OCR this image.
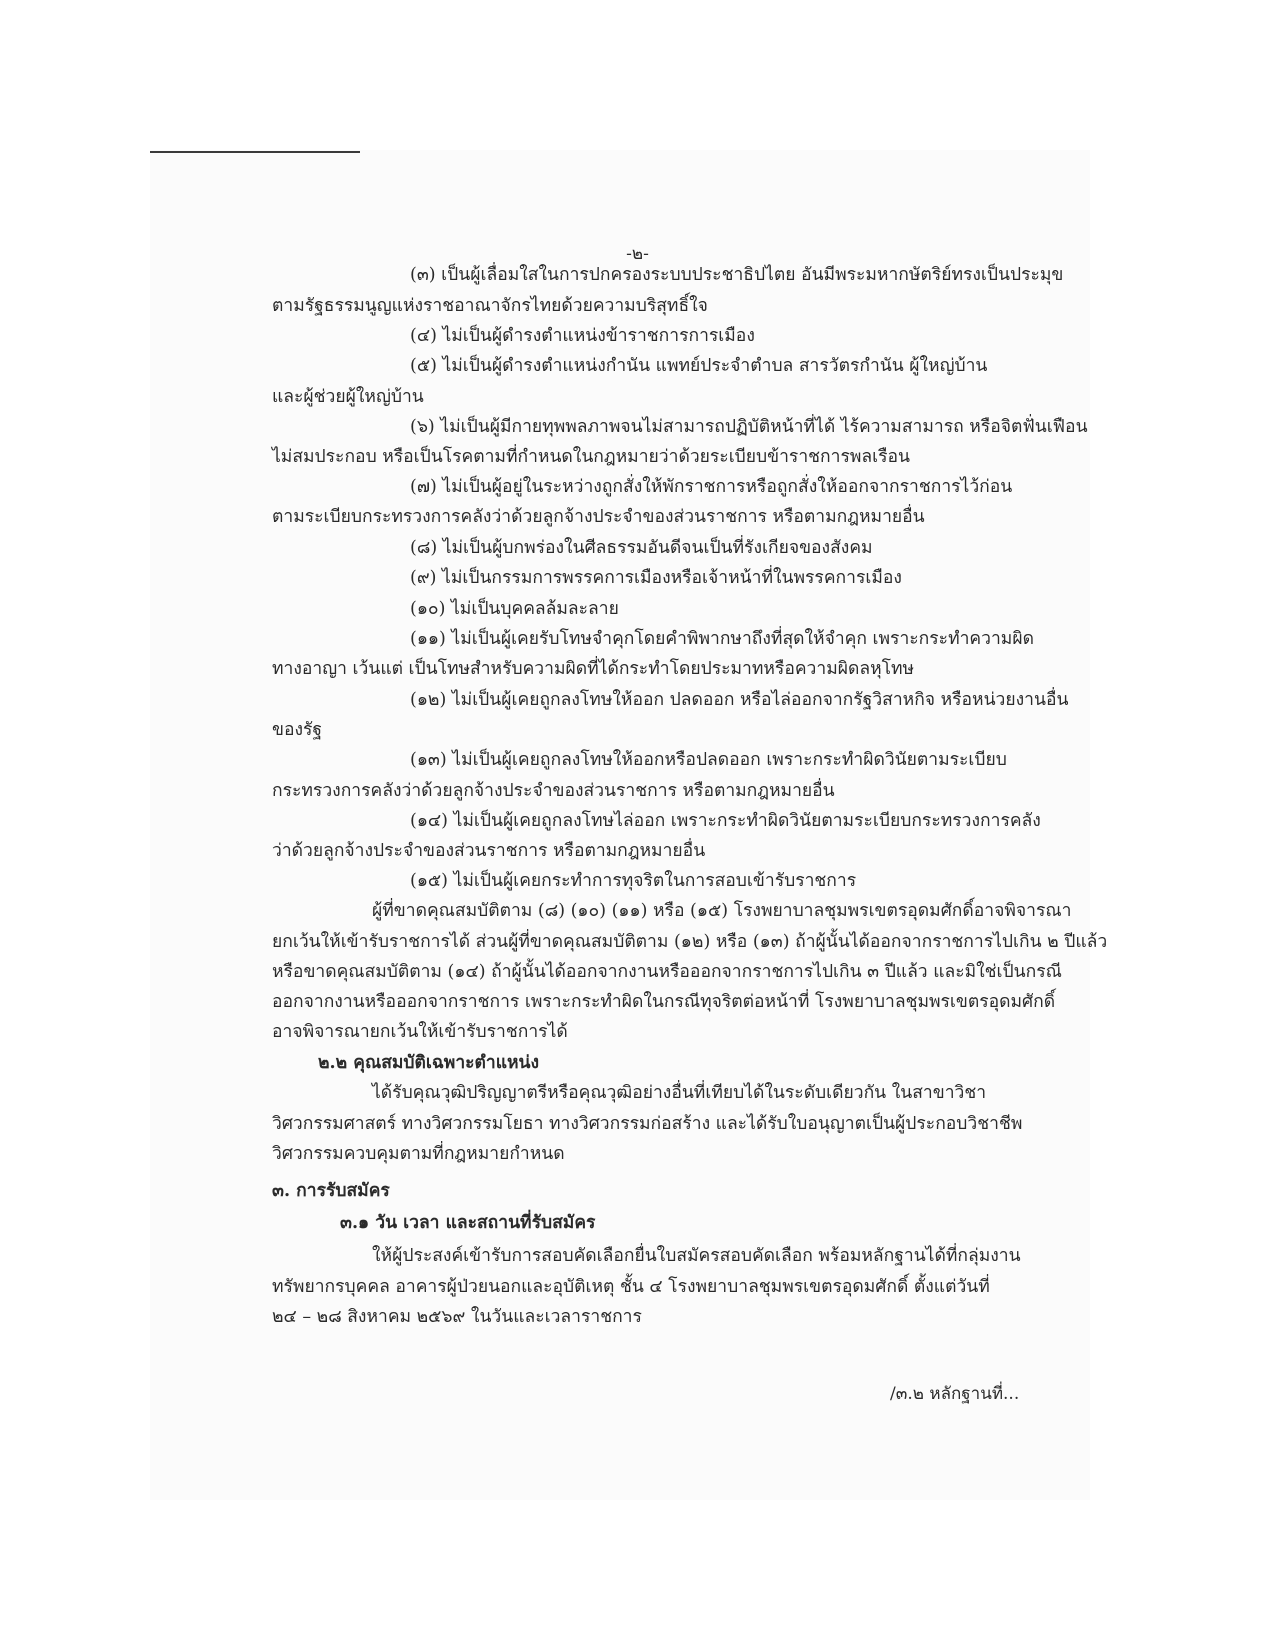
-๒-

(๓) เป็นผู้เลื่อมใสในการปกครองระบบประชาธิปไตย อันมีพระมหากษัตริย์ทรงเป็นประมุข

ตามรัฐธรรมนูญแห่งราชอาณาจักรไทยด้วยความบริสุทธิ์ใจ

(๔) ไม่เป็นผู้ดำรงตำแหน่งข้าราชการการเมือง

(๕) ไม่เป็นผู้ดำรงตำแหน่งกำนัน แพทย์ประจำตำบล สารวัตรกำนัน ผู้ใหญ่บ้าน

และผู้ช่วยผู้ใหญ่บ้าน

(๖) ไม่เป็นผู้มีกายทุพพลภาพจนไม่สามารถปฏิบัติหน้าที่ได้ ไร้ความสามารถ หรือจิตฟั่นเฟือน

ไม่สมประกอบ หรือเป็นโรคตามที่กำหนดในกฎหมายว่าด้วยระเบียบข้าราชการพลเรือน

(๗) ไม่เป็นผู้อยู่ในระหว่างถูกสั่งให้พักราชการหรือถูกสั่งให้ออกจากราชการไว้ก่อน

ตามระเบียบกระทรวงการคลังว่าด้วยลูกจ้างประจำของส่วนราชการ หรือตามกฎหมายอื่น

(๘) ไม่เป็นผู้บกพร่องในศีลธรรมอันดีจนเป็นที่รังเกียจของสังคม

(๙) ไม่เป็นกรรมการพรรคการเมืองหรือเจ้าหน้าที่ในพรรคการเมือง

(๑๐) ไม่เป็นบุคคลล้มละลาย

(๑๑) ไม่เป็นผู้เคยรับโทษจำคุกโดยคำพิพากษาถึงที่สุดให้จำคุก เพราะกระทำความผิด

ทางอาญา เว้นแต่ เป็นโทษสำหรับความผิดที่ได้กระทำโดยประมาทหรือความผิดลหุโทษ

(๑๒) ไม่เป็นผู้เคยถูกลงโทษให้ออก ปลดออก หรือไล่ออกจากรัฐวิสาหกิจ หรือหน่วยงานอื่น

ของรัฐ

(๑๓) ไม่เป็นผู้เคยถูกลงโทษให้ออกหรือปลดออก เพราะกระทำผิดวินัยตามระเบียบ

กระทรวงการคลังว่าด้วยลูกจ้างประจำของส่วนราชการ หรือตามกฎหมายอื่น

(๑๔) ไม่เป็นผู้เคยถูกลงโทษไล่ออก เพราะกระทำผิดวินัยตามระเบียบกระทรวงการคลัง

ว่าด้วยลูกจ้างประจำของส่วนราชการ หรือตามกฎหมายอื่น

(๑๕) ไม่เป็นผู้เคยกระทำการทุจริตในการสอบเข้ารับราชการ

ผู้ที่ขาดคุณสมบัติตาม (๘) (๑๐) (๑๑) หรือ (๑๕) โรงพยาบาลชุมพรเขตรอุดมศักดิ์อาจพิจารณา

ยกเว้นให้เข้ารับราชการได้ ส่วนผู้ที่ขาดคุณสมบัติตาม (๑๒) หรือ (๑๓) ถ้าผู้นั้นได้ออกจากราชการไปเกิน ๒ ปีแล้ว

หรือขาดคุณสมบัติตาม (๑๔) ถ้าผู้นั้นได้ออกจากงานหรือออกจากราชการไปเกิน ๓ ปีแล้ว และมิใช่เป็นกรณี

ออกจากงานหรือออกจากราชการ เพราะกระทำผิดในกรณีทุจริตต่อหน้าที่ โรงพยาบาลชุมพรเขตรอุดมศักดิ์

อาจพิจารณายกเว้นให้เข้ารับราชการได้

๒.๒ คุณสมบัติเฉพาะตำแหน่ง

ได้รับคุณวุฒิปริญญาตรีหรือคุณวุฒิอย่างอื่นที่เทียบได้ในระดับเดียวกัน ในสาขาวิชา

วิศวกรรมศาสตร์ ทางวิศวกรรมโยธา ทางวิศวกรรมก่อสร้าง และได้รับใบอนุญาตเป็นผู้ประกอบวิชาชีพ

วิศวกรรมควบคุมตามที่กฎหมายกำหนด

๓. การรับสมัคร

๓.๑ วัน เวลา และสถานที่รับสมัคร

ให้ผู้ประสงค์เข้ารับการสอบคัดเลือกยื่นใบสมัครสอบคัดเลือก พร้อมหลักฐานได้ที่กลุ่มงาน

ทรัพยากรบุคคล อาคารผู้ป่วยนอกและอุบัติเหตุ ชั้น ๔ โรงพยาบาลชุมพรเขตรอุดมศักดิ์ ตั้งแต่วันที่

๒๔ – ๒๘ สิงหาคม ๒๕๖๙ ในวันและเวลาราชการ

/๓.๒ หลักฐานที่...
